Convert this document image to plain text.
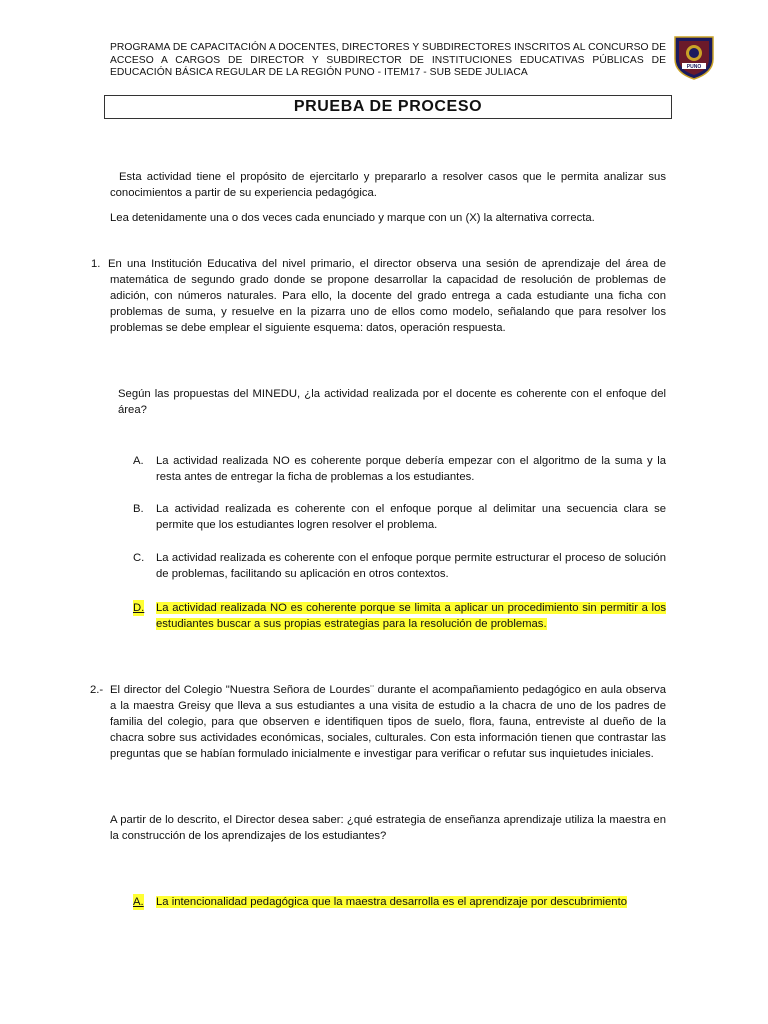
PROGRAMA DE CAPACITACIÓN A DOCENTES, DIRECTORES Y SUBDIRECTORES INSCRITOS AL CONCURSO DE ACCESO A CARGOS DE DIRECTOR Y SUBDIRECTOR DE INSTITUCIONES EDUCATIVAS PÚBLICAS DE EDUCACIÓN BÁSICA REGULAR DE LA REGIÓN PUNO - ITEM17 - SUB SEDE JULIACA	PUNO
PRUEBA DE PROCESO
Esta actividad tiene el propósito de ejercitarlo y prepararlo a resolver casos que le permita analizar sus conocimientos a partir de su experiencia pedagógica.
Lea detenidamente una o dos veces cada enunciado y marque con un (X) la alternativa correcta.
1. En una Institución Educativa del nivel primario, el director observa una sesión de aprendizaje del área de matemática de segundo grado donde se propone desarrollar la capacidad de resolución de problemas de adición, con números naturales. Para ello, la docente del grado entrega a cada estudiante una ficha con problemas de suma, y resuelve en la pizarra uno de ellos como modelo, señalando que para resolver los problemas se debe emplear el siguiente esquema: datos, operación respuesta.
Según las propuestas del MINEDU, ¿la actividad realizada por el docente es coherente con el enfoque del área?
A. La actividad realizada NO es coherente porque debería empezar con el algoritmo de la suma y la resta antes de entregar la ficha de problemas a los estudiantes.
B. La actividad realizada es coherente con el enfoque porque al delimitar una secuencia clara se permite que los estudiantes logren resolver el problema.
C. La actividad realizada es coherente con el enfoque porque permite estructurar el proceso de solución de problemas, facilitando su aplicación en otros contextos.
D. La actividad realizada NO es coherente porque se limita a aplicar un procedimiento sin permitir a los estudiantes buscar a sus propias estrategias para la resolución de problemas.
2.- El director del Colegio "Nuestra Señora de Lourdes¨ durante el acompañamiento pedagógico en aula observa a la maestra Greisy que lleva a sus estudiantes a una visita de estudio a la chacra de uno de los padres de familia del colegio, para que observen e identifiquen tipos de suelo, flora, fauna, entreviste al dueño de la chacra sobre sus actividades económicas, sociales, culturales. Con esta información tienen que contrastar las preguntas que se habían formulado inicialmente e investigar para verificar o refutar sus inquietudes iniciales.
A partir de lo descrito, el Director desea saber: ¿qué estrategia de enseñanza aprendizaje utiliza la maestra en la construcción de los aprendizajes de los estudiantes?
A. La intencionalidad pedagógica que la maestra desarrolla es el aprendizaje por descubrimiento
